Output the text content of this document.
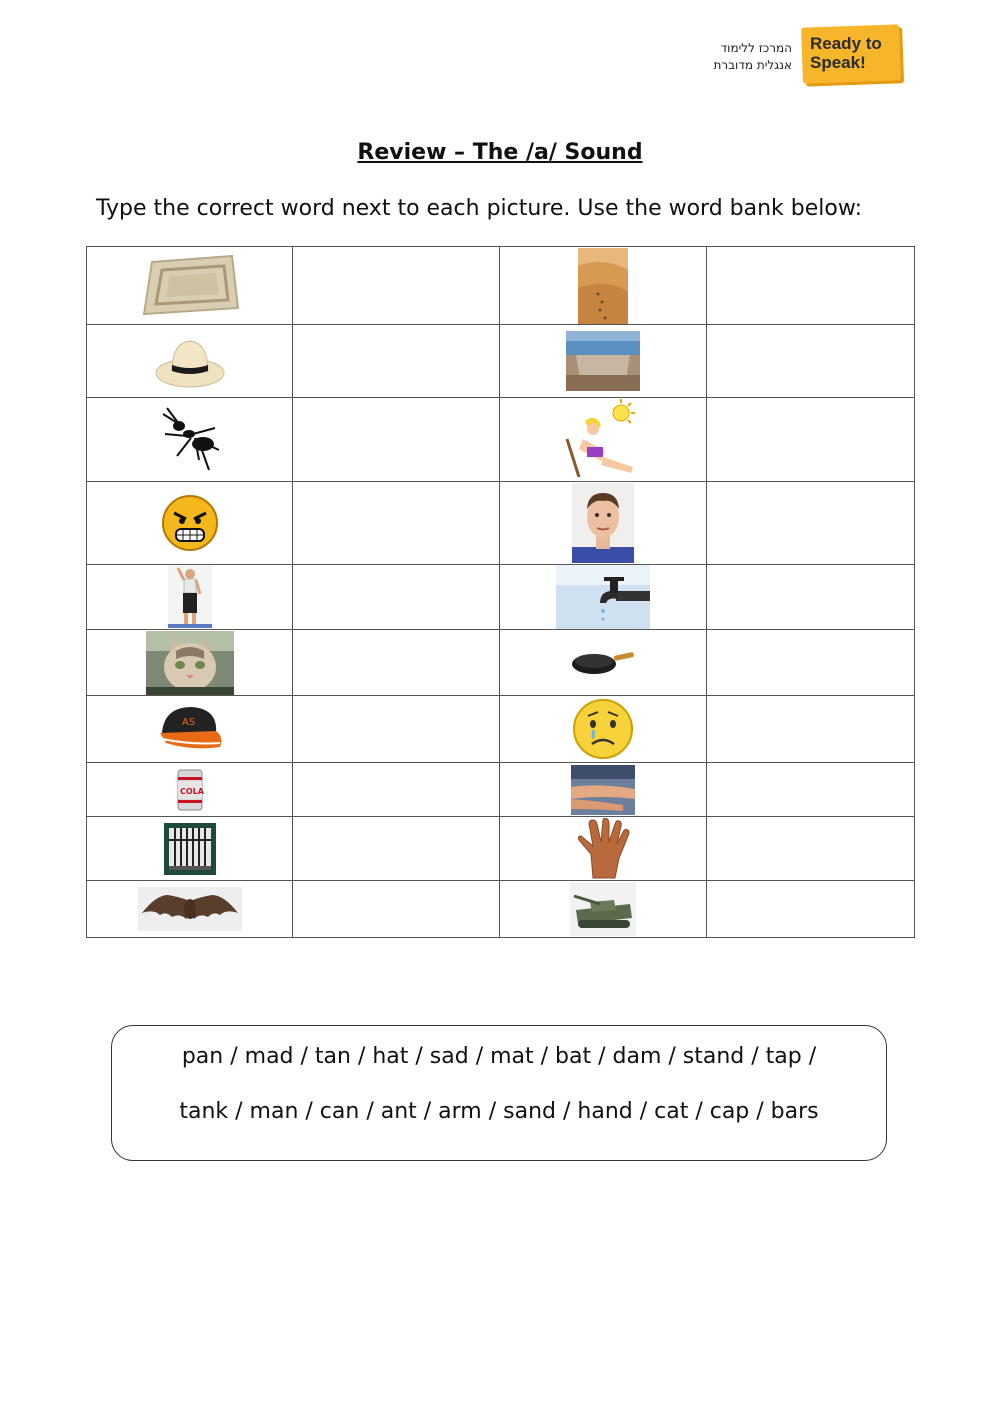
המרכז ללימוד
אנגלית מדוברת
Ready to
Speak!
Review – The /a/ Sound
Type the correct word next to each picture. Use the word bank below:

AS

COLA

pan / mad / tan / hat / sad / mat / bat / dam / stand / tap /
tank / man / can / ant / arm / sand / hand / cat / cap / bars
